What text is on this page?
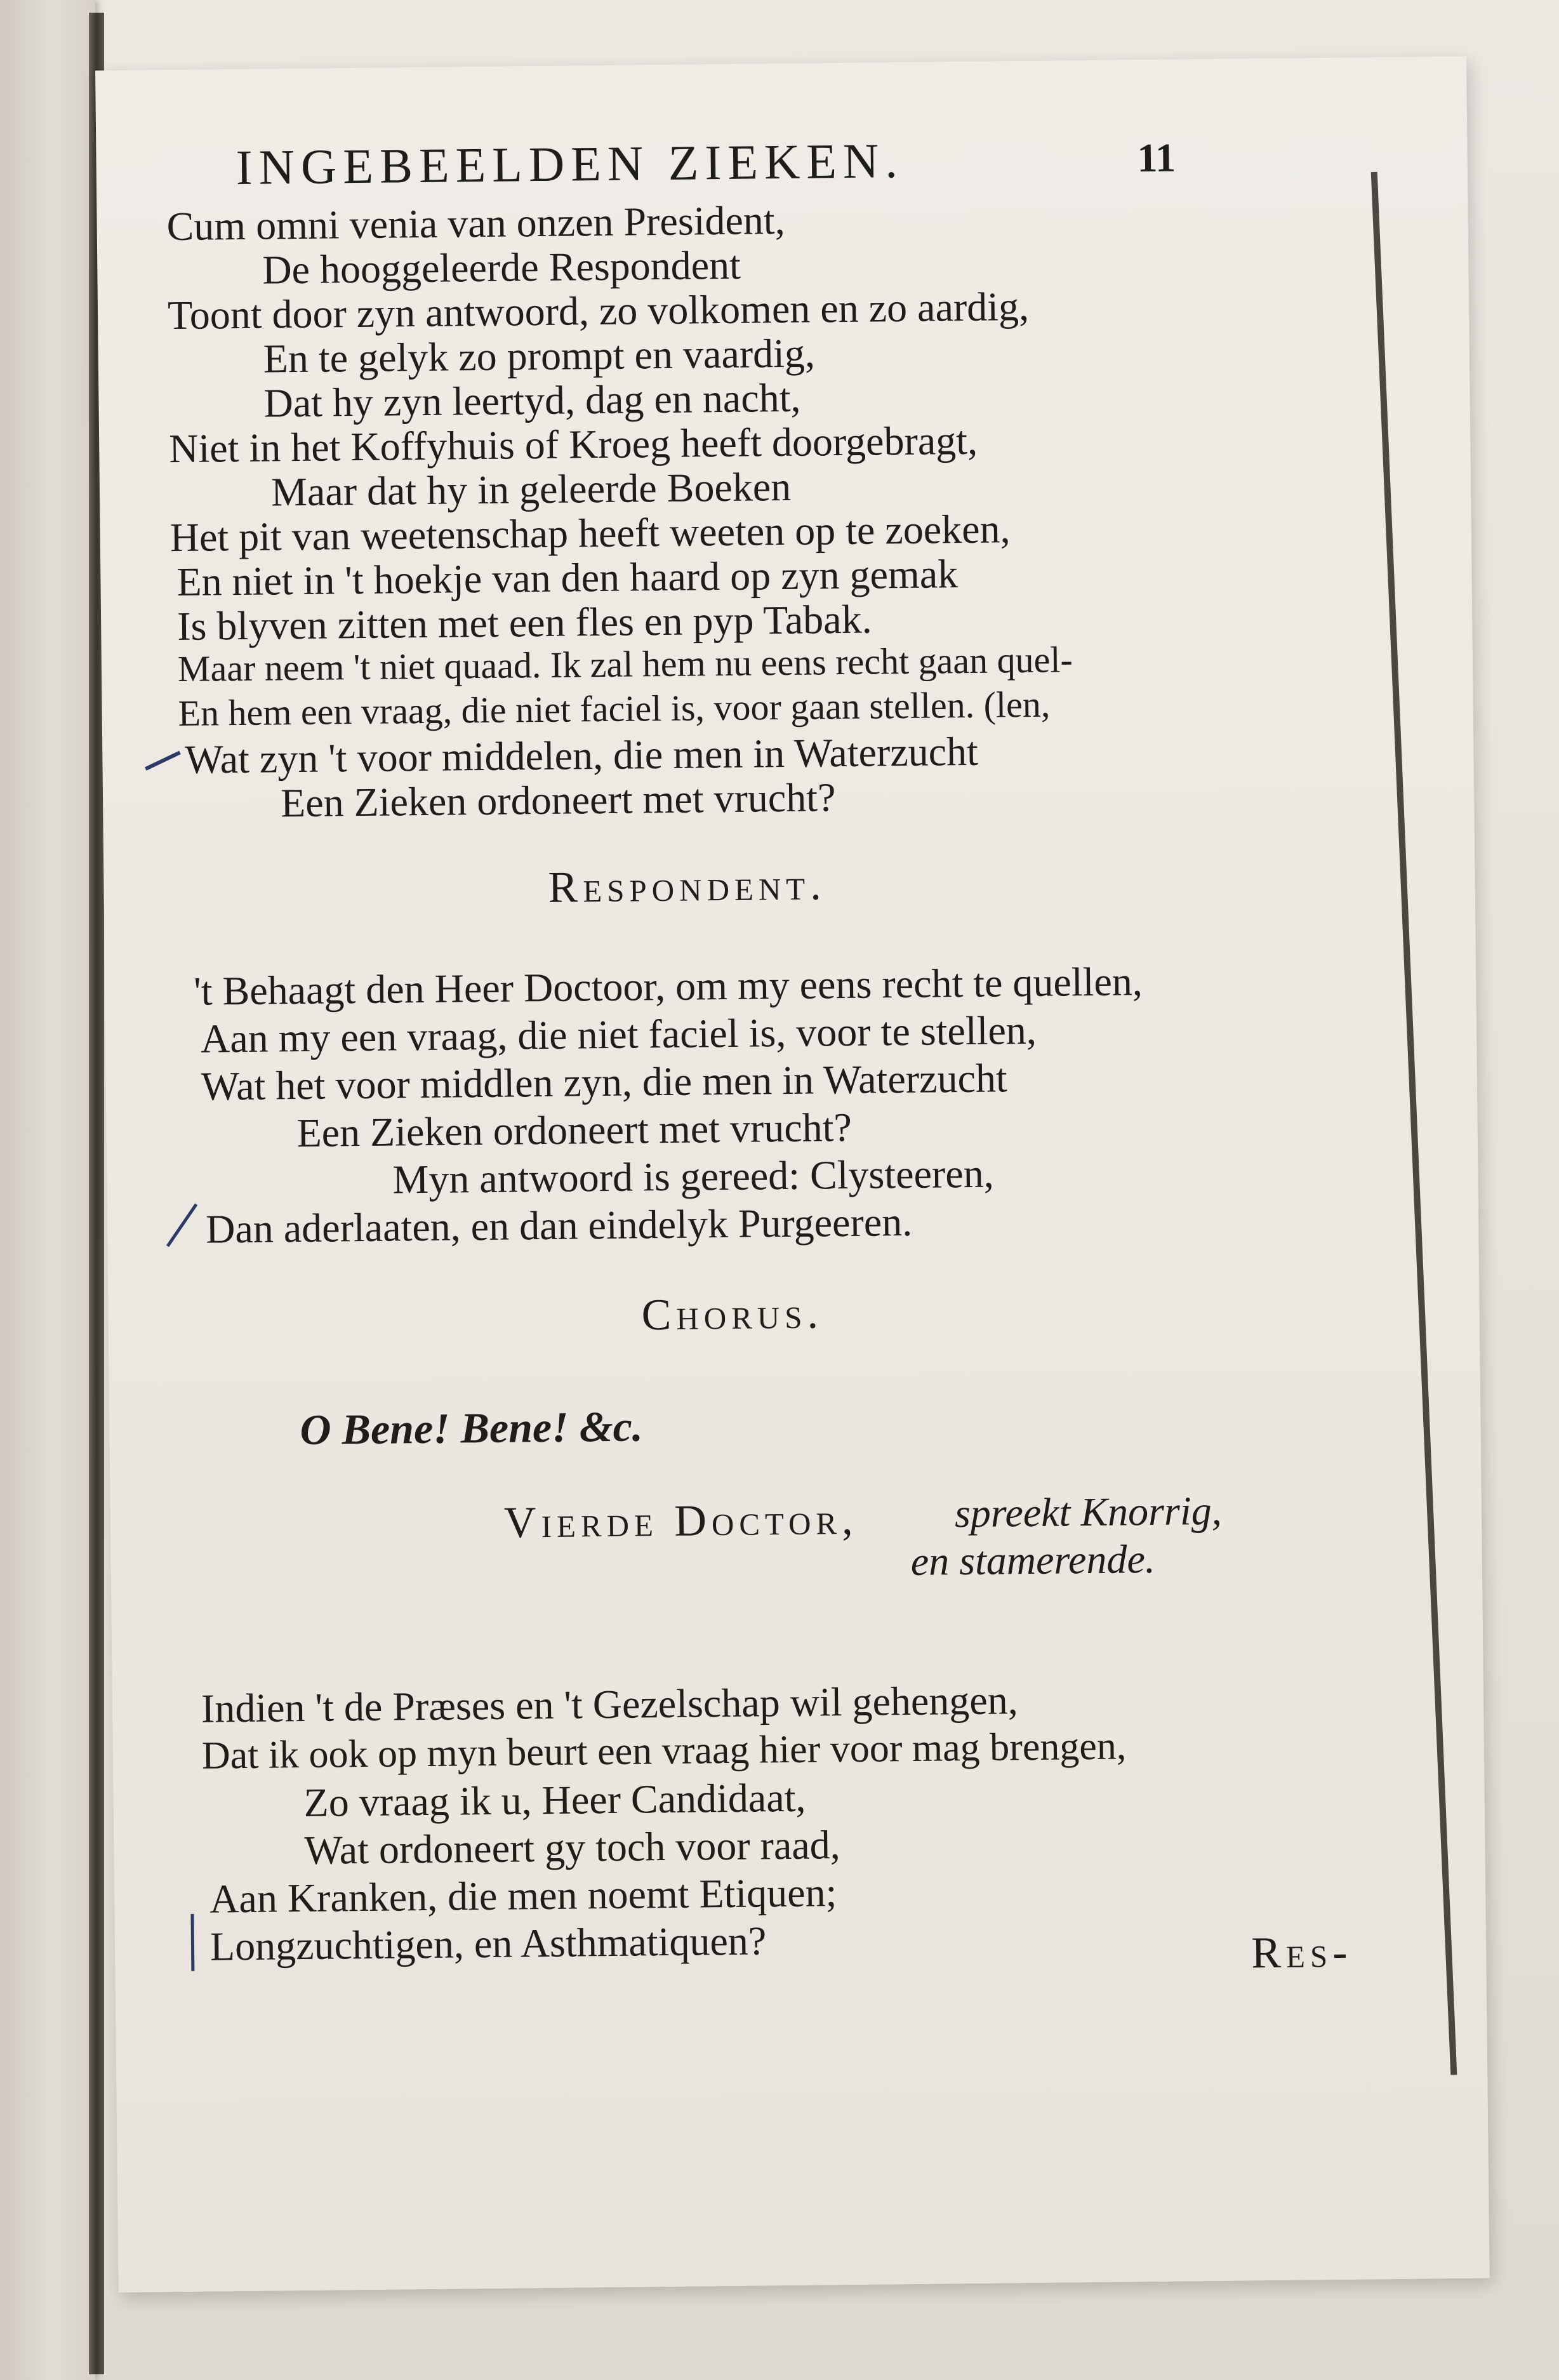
INGEBEELDEN ZIEKEN.	11
Cum omni venia van onzen President,
De hooggeleerde Respondent
Toont door zyn antwoord, zo volkomen en zo aardig,
En te gelyk zo prompt en vaardig,
Dat hy zyn leertyd, dag en nacht,
Niet in het Koffyhuis of Kroeg heeft doorgebragt,
Maar dat hy in geleerde Boeken
Het pit van weetenschap heeft weeten op te zoeken,
En niet in 't hoekje van den haard op zyn gemak
Is blyven zitten met een fles en pyp Tabak.
Maar neem 't niet quaad. Ik zal hem nu eens recht gaan quel-
En hem een vraag, die niet faciel is, voor gaan stellen. (len,
Wat zyn 't voor middelen, die men in Waterzucht
Een Zieken ordoneert met vrucht?
Respondent.
't Behaagt den Heer Doctoor, om my eens recht te quellen,
Aan my een vraag, die niet faciel is, voor te stellen,
Wat het voor middlen zyn, die men in Waterzucht
Een Zieken ordoneert met vrucht?
Myn antwoord is gereed: Clysteeren,
Dan aderlaaten, en dan eindelyk Purgeeren.
Chorus.
O Bene! Bene! &c.
Vierde Doctor, spreekt Knorrig,
en stamerende.
Indien 't de Præses en 't Gezelschap wil gehengen,
Dat ik ook op myn beurt een vraag hier voor mag brengen,
Zo vraag ik u, Heer Candidaat,
Wat ordoneert gy toch voor raad,
Aan Kranken, die men noemt Etiquen;
Longzuchtigen, en Asthmatiquen?	Res-
